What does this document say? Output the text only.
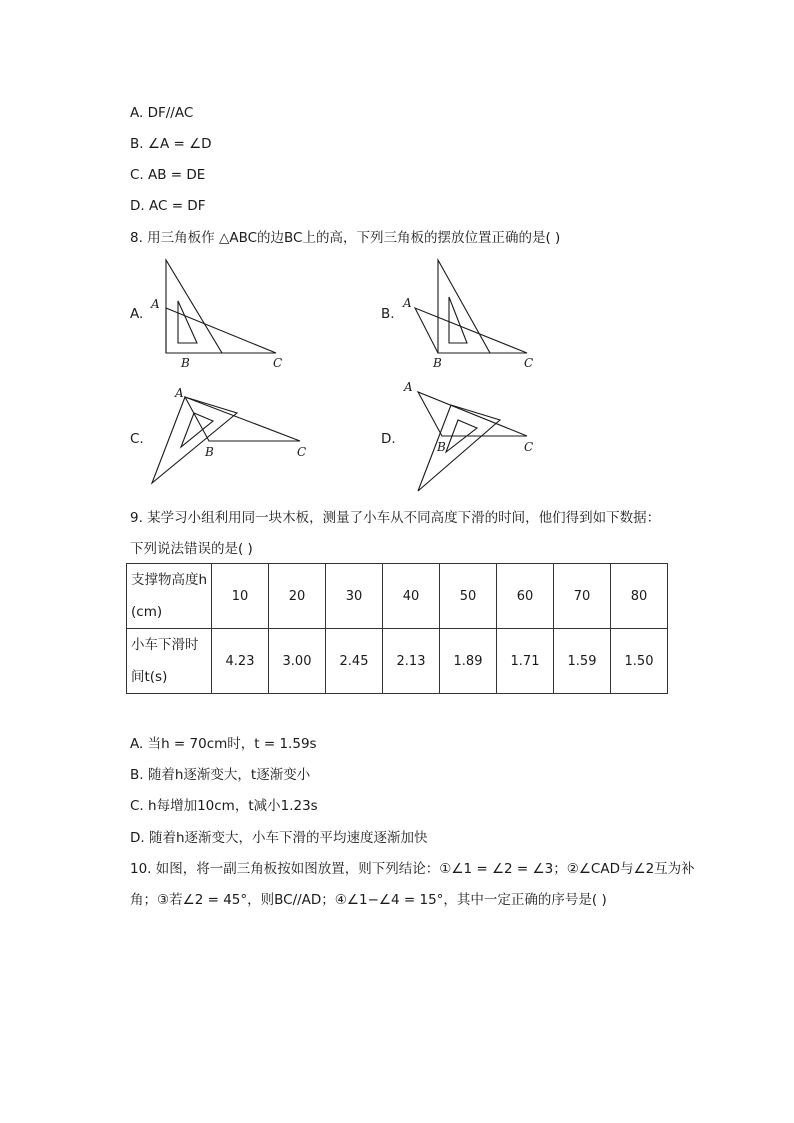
A. DF//AC
B. ∠A = ∠D
C. AB = DE
D. AC = DF
8. 用三角板作 △ABC的边BC上的高，下列三角板的摆放位置正确的是( )
A.	B.
C.	D.
A
B	C
A
B	C
A
B	C
A
B	C
9. 某学习小组利用同一块木板，测量了小车从不同高度下滑的时间，他们得到如下数据：
下列说法错误的是( )
支撑物高度h
(cm)	10	20	30	40	50	60	70	80

小车下滑时
间t(s)	4.23	3.00	2.45	2.13	1.89	1.71	1.59	1.50
A. 当h = 70cm时，t = 1.59s
B. 随着h逐渐变大，t逐渐变小
C. h每增加10cm，t减小1.23s
D. 随着h逐渐变大，小车下滑的平均速度逐渐加快
10. 如图，将一副三角板按如图放置，则下列结论：①∠1 = ∠2 = ∠3；②∠CAD与∠2互为补
角；③若∠2 = 45°，则BC//AD；④∠1−∠4 = 15°，其中一定正确的序号是( )
